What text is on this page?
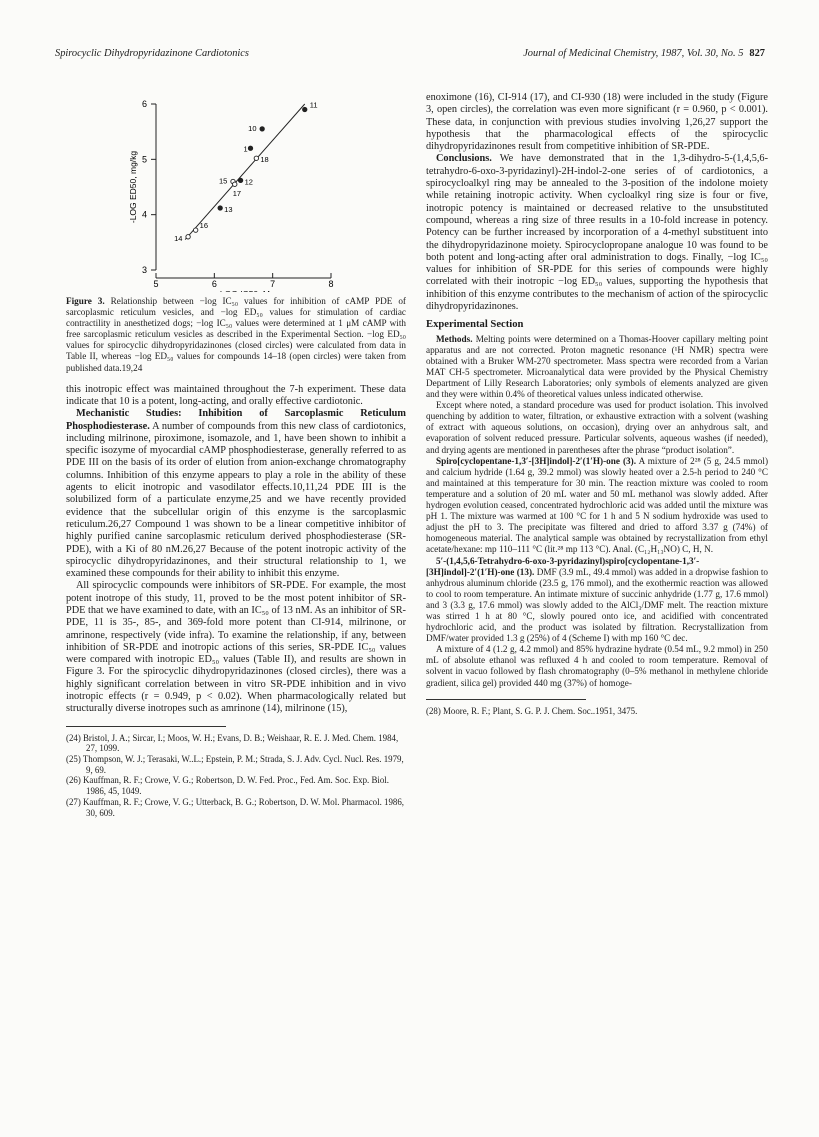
Spirocyclic Dihydropyridazinone Cardiotonics	Journal of Medicinal Chemistry, 1987, Vol. 30, No. 5 827
3
4
5
6
5	6	7	8
-LOG ED50, mg/kg
1
10
11
12
13
14
15
16
17
18
Figure 3. Relationship between −log IC₅₀ values for inhibition of cAMP PDE of sarcoplasmic reticulum vesicles, and −log ED₅₀ values for stimulation of cardiac contractility in anesthetized dogs; −log IC₅₀ values were determined at 1 μM cAMP with free sarcoplasmic reticulum vesicles as described in the Experimental Section. −log ED₅₀ values for spirocyclic dihydropyridazinones (closed circles) were calculated from data in Table II, whereas −log ED₅₀ values for compounds 14–18 (open circles) were taken from published data.19,24

this inotropic effect was maintained throughout the 7-h experiment. These data indicate that 10 is a potent, long-acting, and orally effective cardiotonic.

Mechanistic Studies: Inhibition of Sarcoplasmic Reticulum Phosphodiesterase. A number of compounds from this new class of cardiotonics, including milrinone, piroximone, isomazole, and 1, have been shown to inhibit a specific isozyme of myocardial cAMP phosphodiesterase, generally referred to as PDE III on the basis of its order of elution from anion-exchange chromatography columns. Inhibition of this enzyme appears to play a role in the ability of these agents to elicit inotropic and vasodilator effects.10,11,24 PDE III is the solubilized form of a particulate enzyme,25 and we have recently provided evidence that the subcellular origin of this enzyme is the sarcoplasmic reticulum.26,27 Compound 1 was shown to be a linear competitive inhibitor of highly purified canine sarcoplasmic reticulum derived phosphodiesterase (SR-PDE), with a Ki of 80 nM.26,27 Because of the potent inotropic activity of the spirocyclic dihydropyridazinones, and their structural relationship to 1, we examined these compounds for their ability to inhibit this enzyme.

All spirocyclic compounds were inhibitors of SR-PDE. For example, the most potent inotrope of this study, 11, proved to be the most potent inhibitor of SR-PDE that we have examined to date, with an IC₅₀ of 13 nM. As an inhibitor of SR-PDE, 11 is 35-, 85-, and 369-fold more potent than CI-914, milrinone, or amrinone, respectively (vide infra). To examine the relationship, if any, between inhibition of SR-PDE and inotropic actions of this series, SR-PDE IC₅₀ values were compared with inotropic ED₅₀ values (Table II), and results are shown in Figure 3. For the spirocyclic dihydropyridazinones (closed circles), there was a highly significant correlation between in vitro SR-PDE inhibition and in vivo inotropic effects (r = 0.949, p < 0.02). When pharmacologically related but structurally diverse inotropes such as amrinone (14), milrinone (15),

(24) Bristol, J. A.; Sircar, I.; Moos, W. H.; Evans, D. B.; Weishaar, R. E. J. Med. Chem. 1984, 27, 1099.
(25) Thompson, W. J.; Terasaki, W..L.; Epstein, P. M.; Strada, S. J. Adv. Cycl. Nucl. Res. 1979, 9, 69.
(26) Kauffman, R. F.; Crowe, V. G.; Robertson, D. W. Fed. Proc., Fed. Am. Soc. Exp. Biol. 1986, 45, 1049.
(27) Kauffman, R. F.; Crowe, V. G.; Utterback, B. G.; Robertson, D. W. Mol. Pharmacol. 1986, 30, 609.

enoximone (16), CI-914 (17), and CI-930 (18) were included in the study (Figure 3, open circles), the correlation was even more significant (r = 0.960, p < 0.001). These data, in conjunction with previous studies involving 1,26,27 support the hypothesis that the pharmacological effects of the spirocyclic dihydropyridazinones result from competitive inhibition of SR-PDE.

Conclusions. We have demonstrated that in the 1,3-dihydro-5-(1,4,5,6-tetrahydro-6-oxo-3-pyridazinyl)-2H-indol-2-one series of of cardiotonics, a spirocycloalkyl ring may be annealed to the 3-position of the indolone moiety while retaining inotropic activity. When cycloalkyl ring size is four or five, inotropic potency is maintained or decreased relative to the unsubstituted compound, whereas a ring size of three results in a 10-fold increase in potency. Potency can be further increased by incorporation of a 4-methyl substituent into the dihydropyridazinone moiety. Spirocyclopropane analogue 10 was found to be both potent and long-acting after oral administration to dogs. Finally, −log IC₅₀ values for inhibition of SR-PDE for this series of compounds were highly correlated with their inotropic −log ED₅₀ values, supporting the hypothesis that inhibition of this enzyme contributes to the mechanism of action of the spirocyclic dihydropyridazinones.

Experimental Section

Methods. Melting points were determined on a Thomas-Hoover capillary melting point apparatus and are not corrected. Proton magnetic resonance (¹H NMR) spectra were obtained with a Bruker WM-270 spectrometer. Mass spectra were recorded from a Varian MAT CH-5 spectrometer. Microanalytical data were provided by the Physical Chemistry Department of Lilly Research Laboratories; only symbols of elements analyzed are given and they were within 0.4% of theoretical values unless indicated otherwise.

Except where noted, a standard procedure was used for product isolation. This involved quenching by addition to water, filtration, or exhaustive extraction with a solvent (washing of extract with aqueous solutions, on occasion), drying over an anhydrous salt, and evaporation of solvent reduced pressure. Particular solvents, aqueous washes (if needed), and drying agents are mentioned in parentheses after the phrase “product isolation”.

Spiro[cyclopentane-1,3′-[3H]indol]-2′(1′H)-one (3). A mixture of 2²⁸ (5 g, 24.5 mmol) and calcium hydride (1.64 g, 39.2 mmol) was slowly heated over a 2.5-h period to 240 °C and maintained at this temperature for 30 min. The reaction mixture was cooled to room temperature and a solution of 20 mL water and 50 mL methanol was slowly added. After hydrogen evolution ceased, concentrated hydrochloric acid was added until the mixture was pH 1. The mixture was warmed at 100 °C for 1 h and 5 N sodium hydroxide was used to adjust the pH to 3. The precipitate was filtered and dried to afford 3.37 g (74%) of homogeneous material. The analytical sample was obtained by recrystallization from ethyl acetate/hexane: mp 110–111 °C (lit.²⁸ mp 113 °C). Anal. (C₁₂H₁₃NO) C, H, N.

5′-(1,4,5,6-Tetrahydro-6-oxo-3-pyridazinyl)spiro[cyclopentane-1,3′-[3H]indol]-2′(1′H)-one (13). DMF (3.9 mL, 49.4 mmol) was added in a dropwise fashion to anhydrous aluminum chloride (23.5 g, 176 mmol), and the exothermic reaction was allowed to cool to room temperature. An intimate mixture of succinic anhydride (1.77 g, 17.6 mmol) and 3 (3.3 g, 17.6 mmol) was slowly added to the AlCl₃/DMF melt. The reaction mixture was stirred 1 h at 80 °C, slowly poured onto ice, and acidified with concentrated hydrochloric acid, and the product was isolated by filtration. Recrystallization from DMF/water provided 1.3 g (25%) of 4 (Scheme I) with mp 160 °C dec.

A mixture of 4 (1.2 g, 4.2 mmol) and 85% hydrazine hydrate (0.54 mL, 9.2 mmol) in 250 mL of absolute ethanol was refluxed 4 h and cooled to room temperature. Removal of solvent in vacuo followed by flash chromatography (0–5% methanol in methylene chloride gradient, silica gel) provided 440 mg (37%) of homoge-

(28) Moore, R. F.; Plant, S. G. P. J. Chem. Soc..1951, 3475.
